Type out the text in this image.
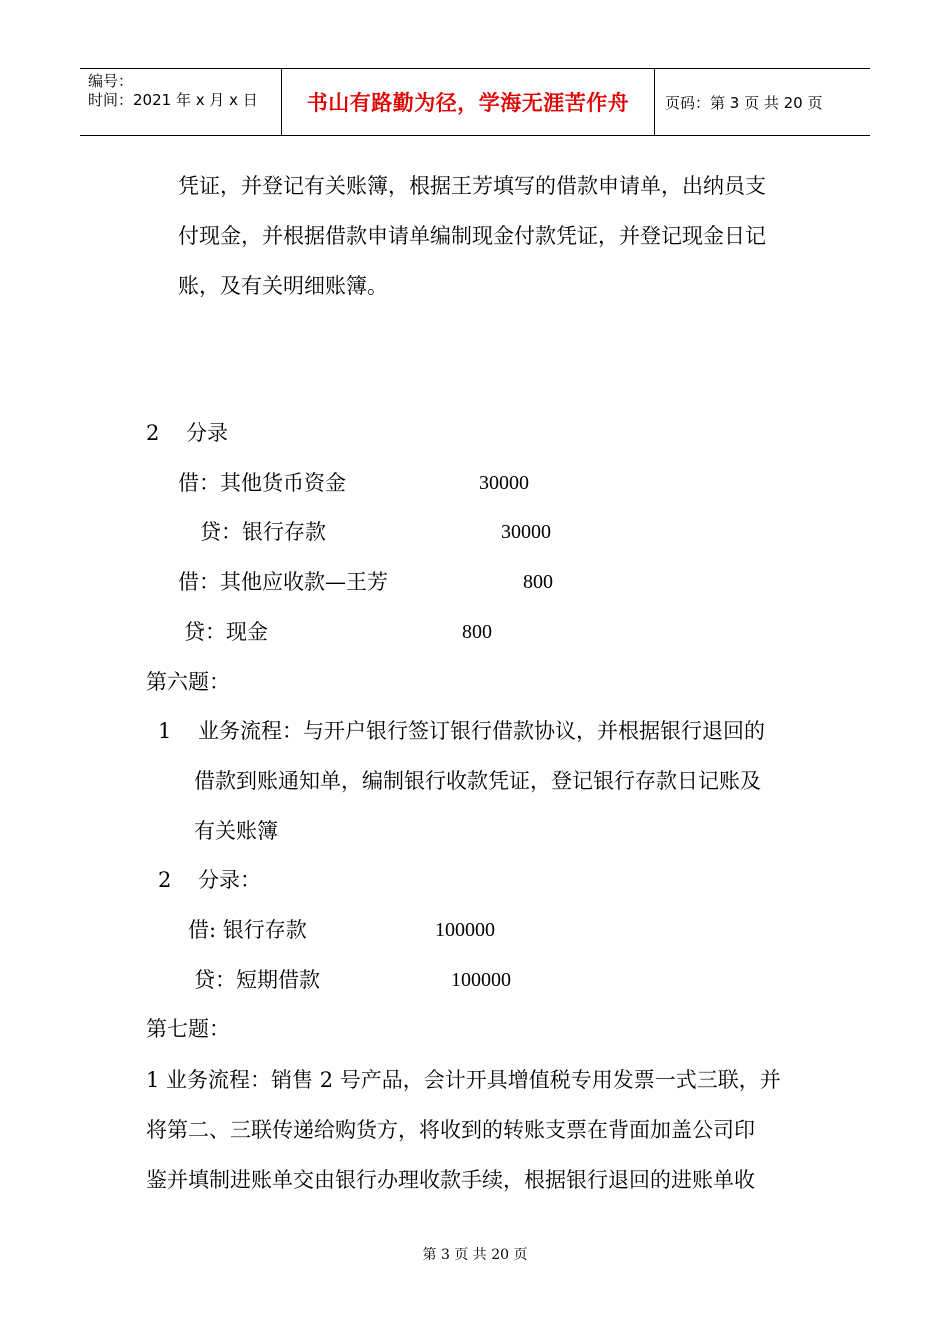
编号：
时间：2021 年 x 月 x 日	书山有路勤为径，学海无涯苦作舟 页码：第 3 页 共 20 页
凭证，并登记有关账簿，根据王芳填写的借款申请单，出纳员支
付现金，并根据借款申请单编制现金付款凭证，并登记现金日记
账，及有关明细账簿。
2    分录
借：其他货币资金	30000
贷：银行存款	30000
借：其他应收款—王芳	800
贷：现金	800
第六题：
1    业务流程：与开户银行签订银行借款协议，并根据银行退回的
借款到账通知单，编制银行收款凭证，登记银行存款日记账及
有关账簿
2    分录：
借: 银行存款	100000
贷：短期借款	100000
第七题：
1 业务流程：销售 2 号产品，会计开具增值税专用发票一式三联，并
将第二、三联传递给购货方，将收到的转账支票在背面加盖公司印
鉴并填制进账单交由银行办理收款手续，根据银行退回的进账单收
第 3 页 共 20 页
